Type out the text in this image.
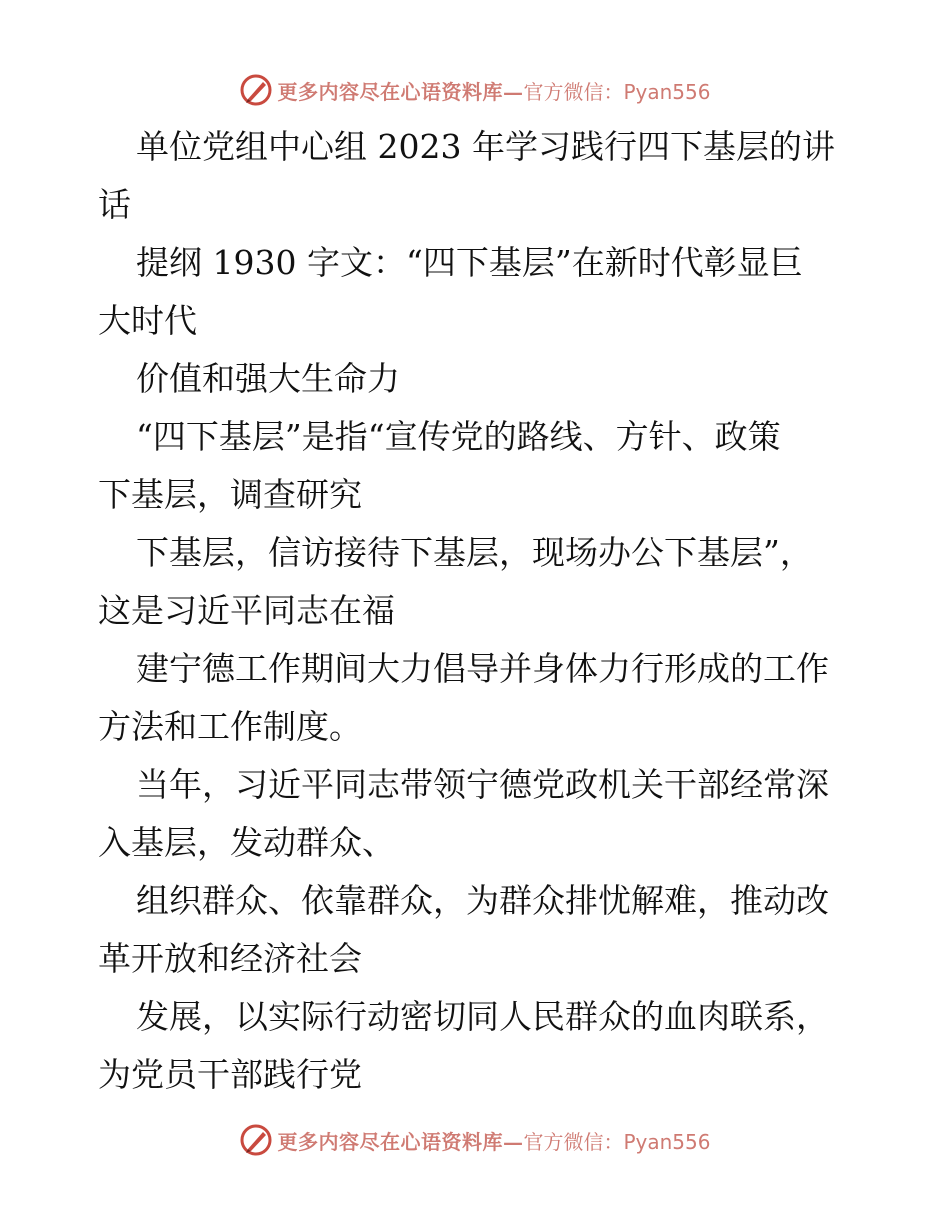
更多内容尽在心语资料库— 官方微信：Pyan556
单位党组中心组 2023 年学习践行四下基层的讲
话
提纲 1930 字文：“四下基层”在新时代彰显巨
大时代
价值和强大生命力
“四下基层”是指“宣传党的路线、方针、政策
下基层，调查研究
下基层，信访接待下基层，现场办公下基层”，
这是习近平同志在福
建宁德工作期间大力倡导并身体力行形成的工作
方法和工作制度。
当年，习近平同志带领宁德党政机关干部经常深
入基层，发动群众、
组织群众、依靠群众，为群众排忧解难，推动改
革开放和经济社会
发展，以实际行动密切同人民群众的血肉联系，
为党员干部践行党
更多内容尽在心语资料库— 官方微信：Pyan556
